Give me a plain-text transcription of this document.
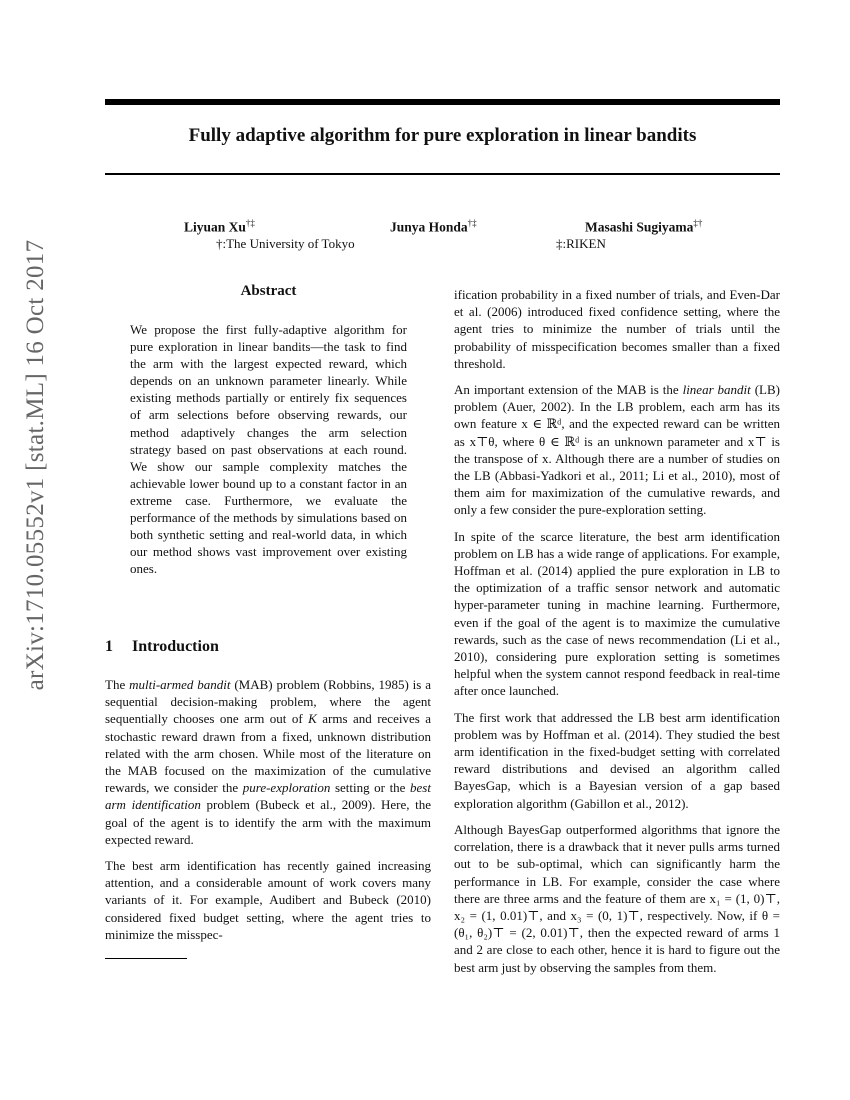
arXiv:1710.05552v1 [stat.ML] 16 Oct 2017
Fully adaptive algorithm for pure exploration in linear bandits
Liyuan Xu†‡	Junya Honda†‡	Masashi Sugiyama‡†
†:The University of Tokyo	‡:RIKEN
Abstract
We propose the first fully-adaptive algorithm for pure exploration in linear bandits—the task to find the arm with the largest expected reward, which depends on an unknown parameter linearly. While existing methods partially or entirely fix sequences of arm selections before observing rewards, our method adaptively changes the arm selection strategy based on past observations at each round. We show our sample complexity matches the achievable lower bound up to a constant factor in an extreme case. Furthermore, we evaluate the performance of the methods by simulations based on both synthetic setting and real-world data, in which our method shows vast improvement over existing ones.
1 Introduction

The multi-armed bandit (MAB) problem (Robbins, 1985) is a sequential decision-making problem, where the agent sequentially chooses one arm out of K arms and receives a stochastic reward drawn from a fixed, unknown distribution related with the arm chosen. While most of the literature on the MAB focused on the maximization of the cumulative rewards, we consider the pure-exploration setting or the best arm identification problem (Bubeck et al., 2009). Here, the goal of the agent is to identify the arm with the maximum expected reward.

The best arm identification has recently gained increasing attention, and a considerable amount of work covers many variants of it. For example, Audibert and Bubeck (2010) considered fixed budget setting, where the agent tries to minimize the misspec-

ification probability in a fixed number of trials, and Even-Dar et al. (2006) introduced fixed confidence setting, where the agent tries to minimize the number of trials until the probability of misspecification becomes smaller than a fixed threshold.

An important extension of the MAB is the linear bandit (LB) problem (Auer, 2002). In the LB problem, each arm has its own feature x ∈ ℝᵈ, and the expected reward can be written as x⊤θ, where θ ∈ ℝᵈ is an unknown parameter and x⊤ is the transpose of x. Although there are a number of studies on the LB (Abbasi-Yadkori et al., 2011; Li et al., 2010), most of them aim for maximization of the cumulative rewards, and only a few consider the pure-exploration setting.

In spite of the scarce literature, the best arm identification problem on LB has a wide range of applications. For example, Hoffman et al. (2014) applied the pure exploration in LB to the optimization of a traffic sensor network and automatic hyper-parameter tuning in machine learning. Furthermore, even if the goal of the agent is to maximize the cumulative rewards, such as the case of news recommendation (Li et al., 2010), considering pure exploration setting is sometimes helpful when the system cannot respond feedback in real-time after once launched.

The first work that addressed the LB best arm identification problem was by Hoffman et al. (2014). They studied the best arm identification in the fixed-budget setting with correlated reward distributions and devised an algorithm called BayesGap, which is a Bayesian version of a gap based exploration algorithm (Gabillon et al., 2012).

Although BayesGap outperformed algorithms that ignore the correlation, there is a drawback that it never pulls arms turned out to be sub-optimal, which can significantly harm the performance in LB. For example, consider the case where there are three arms and the feature of them are x₁ = (1, 0)⊤, x₂ = (1, 0.01)⊤, and x₃ = (0, 1)⊤, respectively. Now, if θ = (θ₁, θ₂)⊤ = (2, 0.01)⊤, then the expected reward of arms 1 and 2 are close to each other, hence it is hard to figure out the best arm just by observing the samples from them.
